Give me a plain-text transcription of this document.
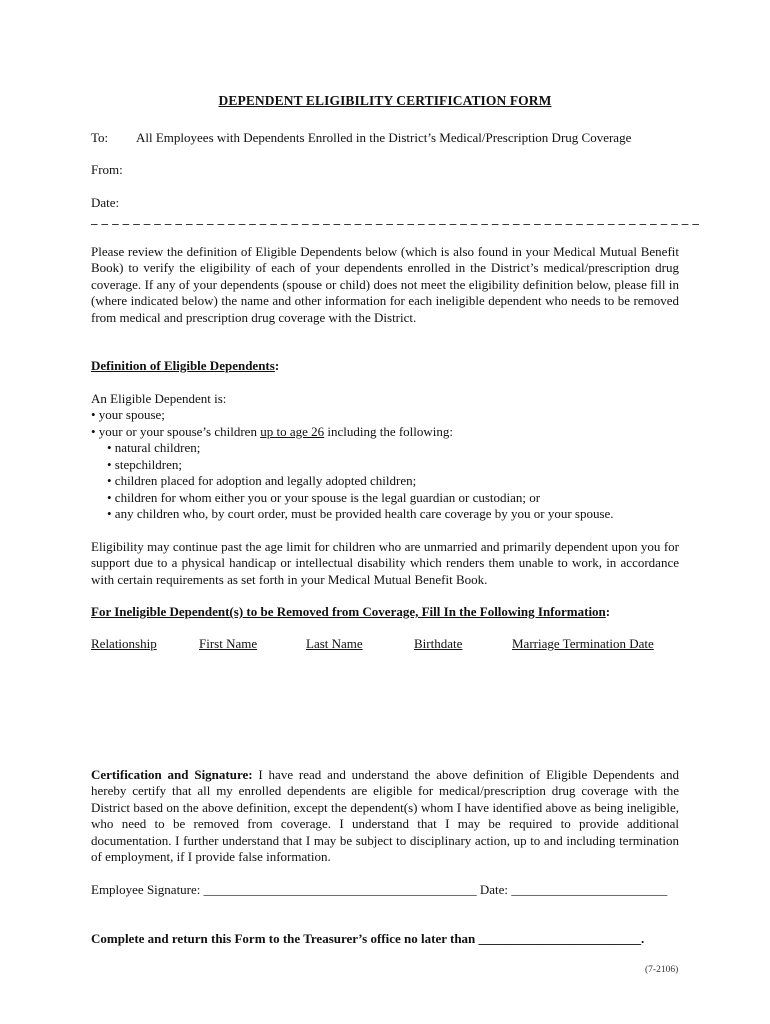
DEPENDENT ELIGIBILITY CERTIFICATION FORM
To: All Employees with Dependents Enrolled in the District’s Medical/Prescription Drug Coverage
From:
Date:
_ _ _ _ _ _ _ _ _ _ _ _ _ _ _ _ _ _ _ _ _ _ _ _ _ _ _ _ _ _ _ _ _ _ _ _ _ _ _ _ _ _ _ _ _ _ _ _ _ _ _ _ _ _ _ _ _ _

Please review the definition of Eligible Dependents below (which is also found in your Medical Mutual Benefit Book) to verify the eligibility of each of your dependents enrolled in the District’s medical/prescription drug coverage. If any of your dependents (spouse or child) does not meet the eligibility definition below, please fill in (where indicated below) the name and other information for each ineligible dependent who needs to be removed from medical and prescription drug coverage with the District.

Definition of Eligible Dependents:
An Eligible Dependent is:
• your spouse;
• your or your spouse’s children up to age 26 including the following:
• natural children;
• stepchildren;
• children placed for adoption and legally adopted children;
• children for whom either you or your spouse is the legal guardian or custodian; or
• any children who, by court order, must be provided health care coverage by you or your spouse.

Eligibility may continue past the age limit for children who are unmarried and primarily dependent upon you for support due to a physical handicap or intellectual disability which renders them unable to work, in accordance with certain requirements as set forth in your Medical Mutual Benefit Book.

For Ineligible Dependent(s) to be Removed from Coverage, Fill In the Following Information:
Relationship	First Name	Last Name	Birthdate	Marriage Termination Date

Certification and Signature: I have read and understand the above definition of Eligible Dependents and hereby certify that all my enrolled dependents are eligible for medical/prescription drug coverage with the District based on the above definition, except the dependent(s) whom I have identified above as being ineligible, who need to be removed from coverage. I understand that I may be required to provide additional documentation. I further understand that I may be subject to disciplinary action, up to and including termination of employment, if I provide false information.

Employee Signature: __________________________________________ Date: ________________________
Complete and return this Form to the Treasurer’s office no later than _________________________.
(7-2106)
